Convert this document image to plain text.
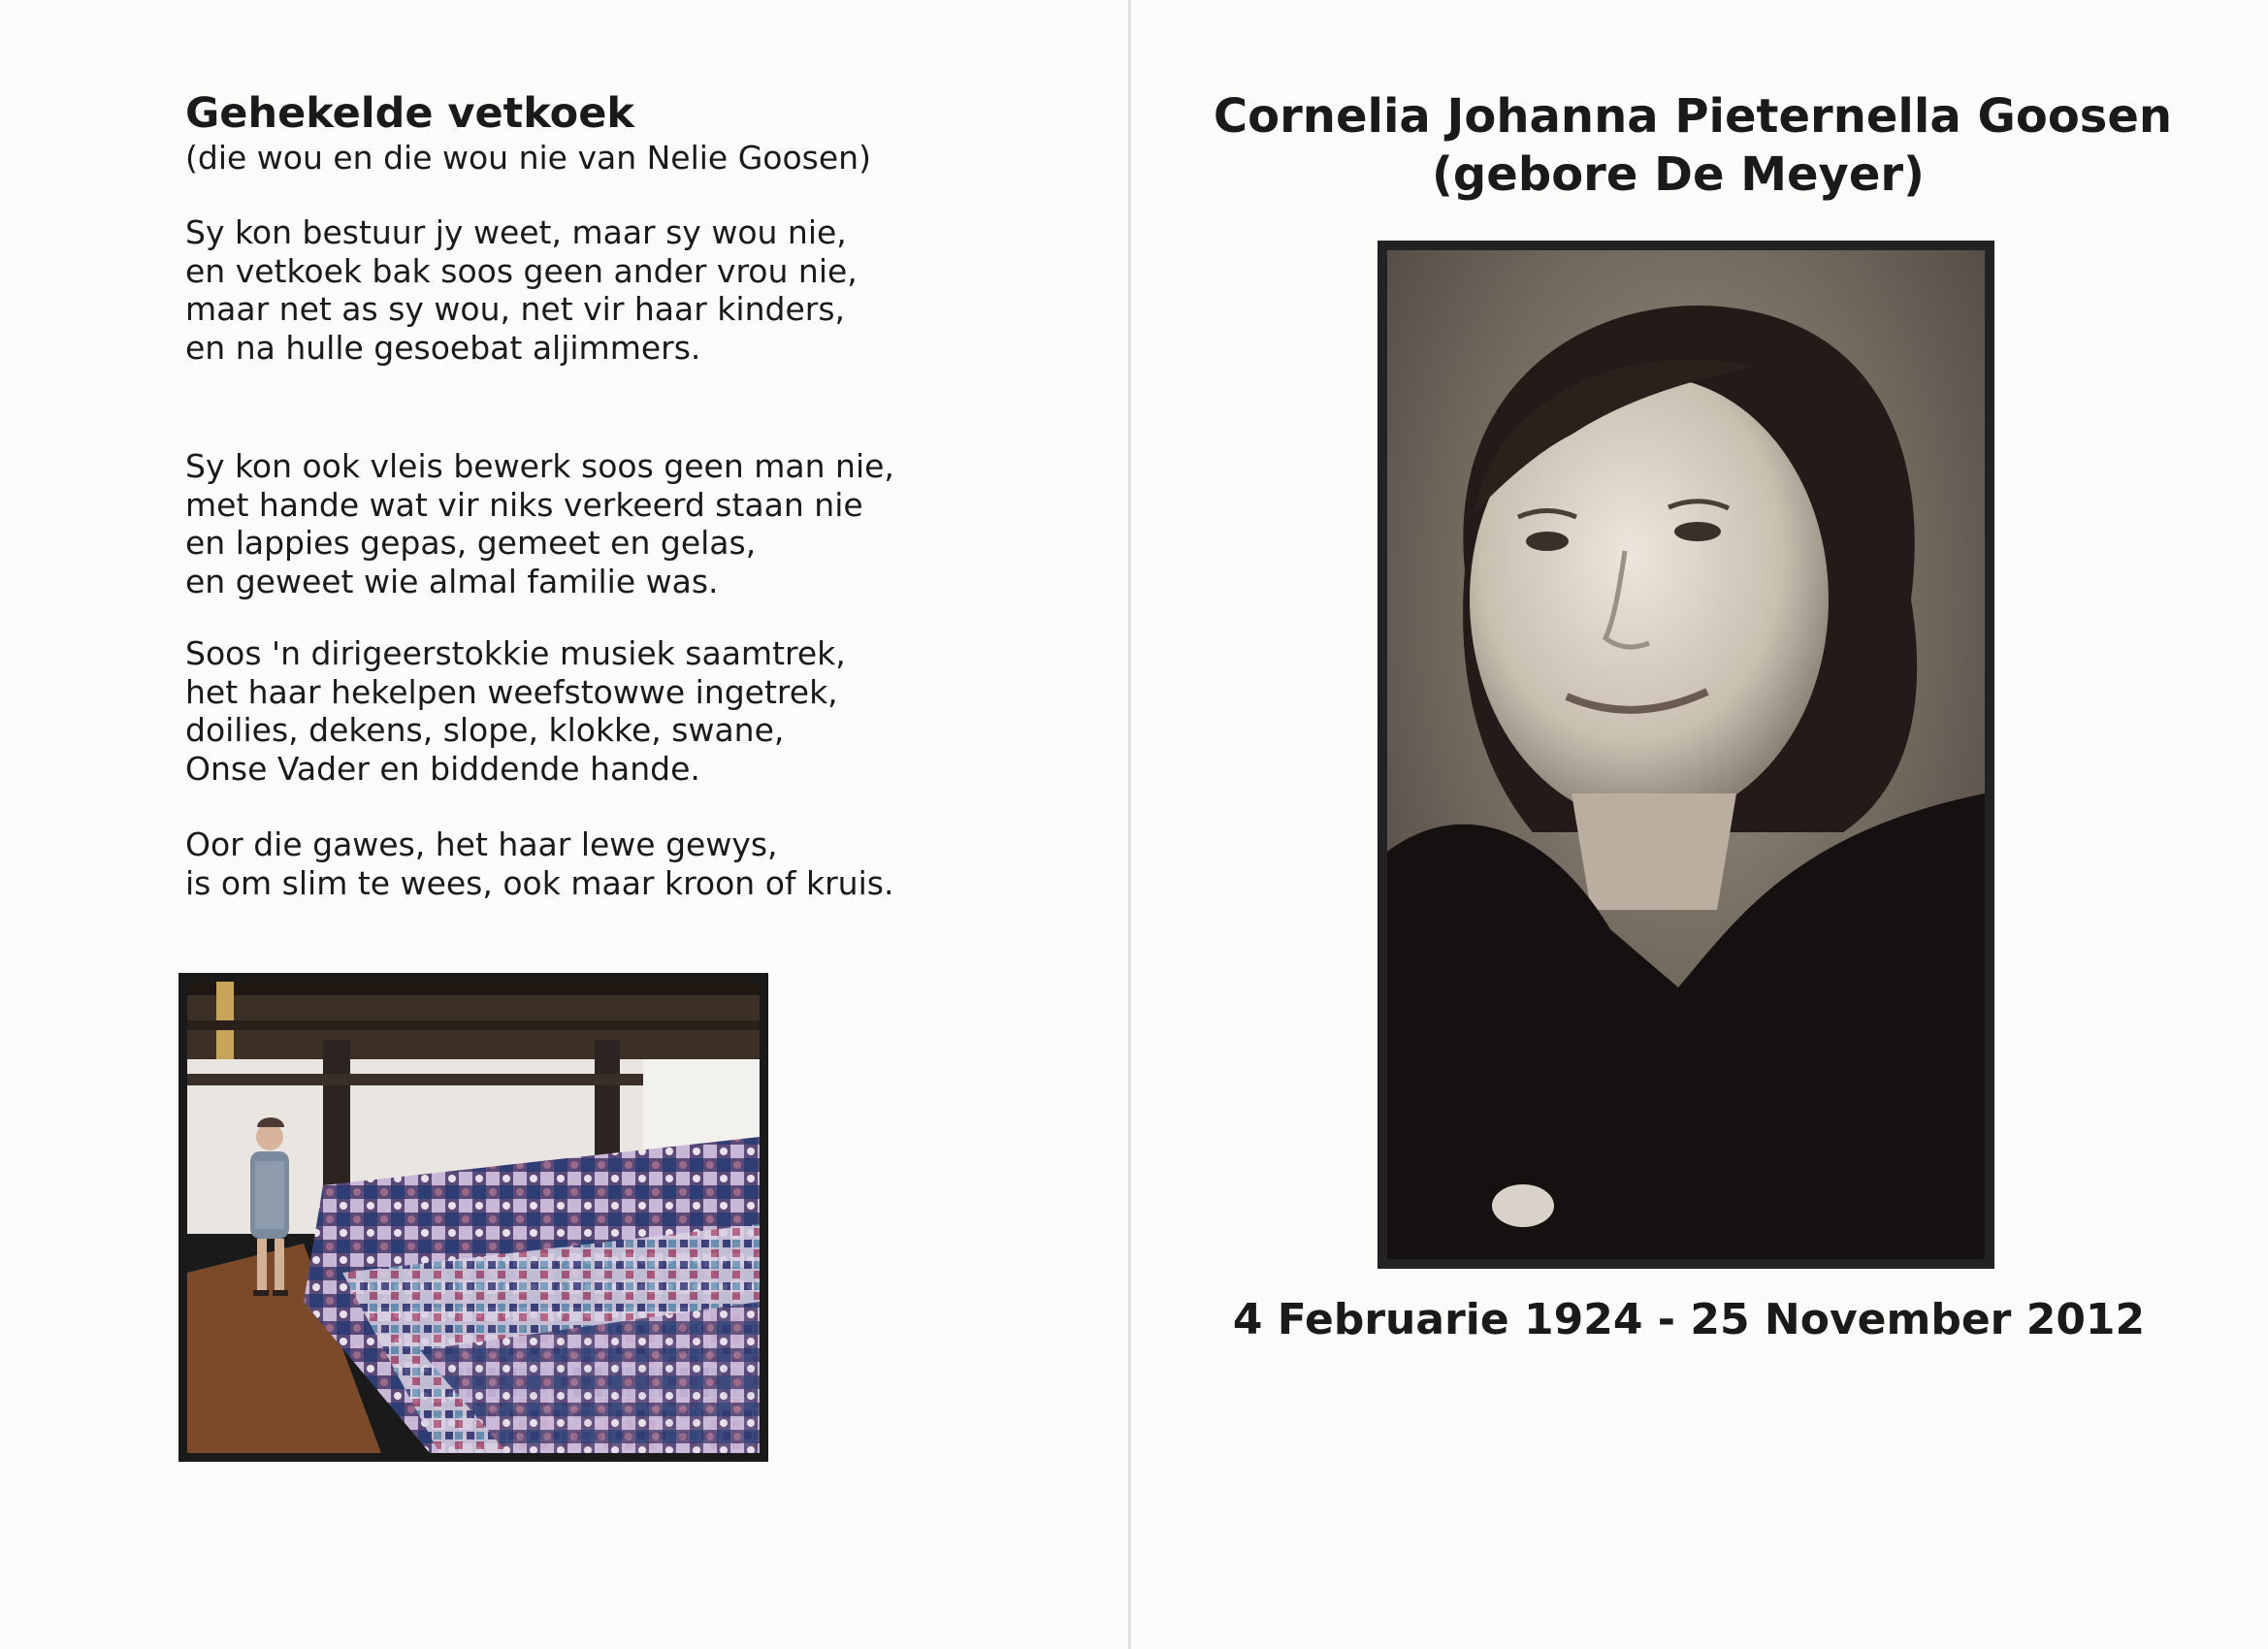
Gehekelde vetkoek

(die wou en die wou nie van Nelie Goosen)

Sy kon bestuur jy weet, maar sy wou nie,
en vetkoek bak soos geen ander vrou nie,
maar net as sy wou, net vir haar kinders,
en na hulle gesoebat aljimmers.

Sy kon ook vleis bewerk soos geen man nie,
met hande wat vir niks verkeerd staan nie
en lappies gepas, gemeet en gelas,
en geweet wie almal familie was.

Soos 'n dirigeerstokkie musiek saamtrek,
het haar hekelpen weefstowwe ingetrek,
doilies, dekens, slope, klokke, swane,
Onse Vader en biddende hande.

Oor die gawes, het haar lewe gewys,
is om slim te wees, ook maar kroon of kruis.

Cornelia Johanna Pieternella Goosen

(gebore De Meyer)

4 Februarie 1924 - 25 November 2012
